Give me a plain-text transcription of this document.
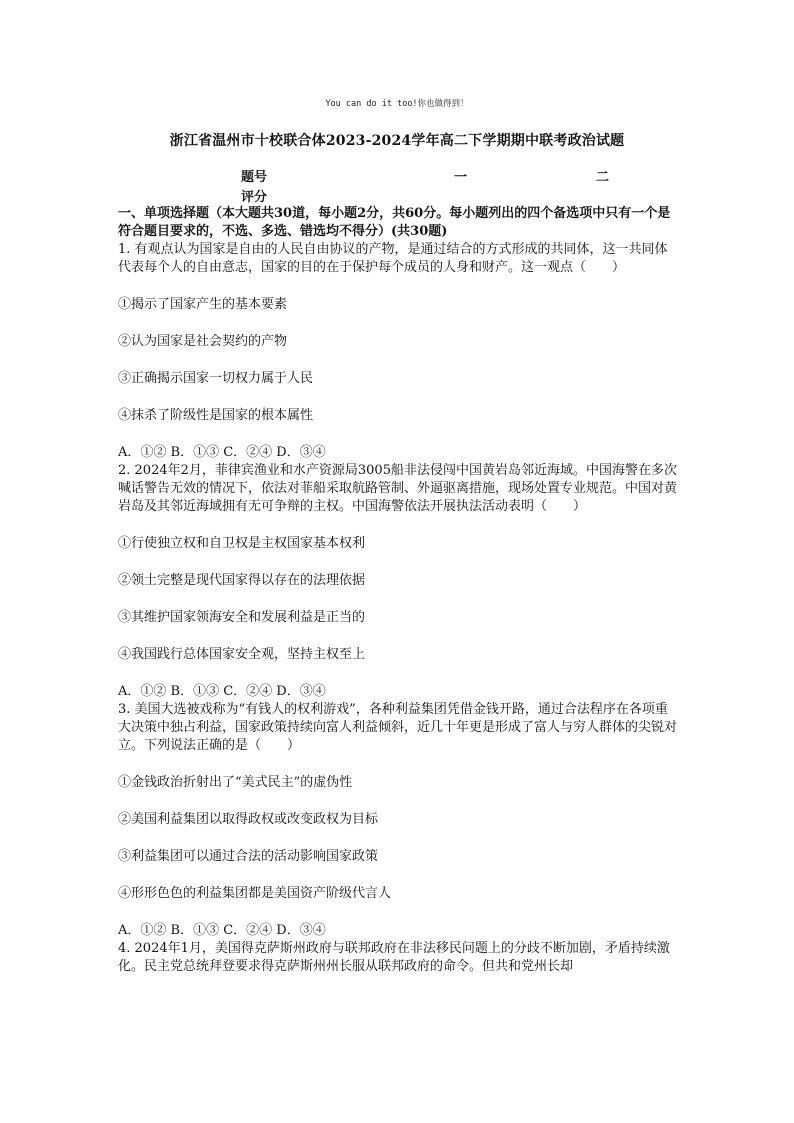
You can do it too!你也做得到！
浙江省温州市十校联合体2023-2024学年高二下学期期中联考政治试题
题号
评分
一	二

一、单项选择题（本大题共30道，每小题2分，共60分。每小题列出的四个备选项中只有一个是符合题目要求的，不选、多选、错选均不得分）(共30题)

1. 有观点认为国家是自由的人民自由协议的产物，是通过结合的方式形成的共同体，这一共同体代表每个人的自由意志，国家的目的在于保护每个成员的人身和财产。这一观点（　　）

①揭示了国家产生的基本要素

②认为国家是社会契约的产物

③正确揭示国家一切权力属于人民

④抹杀了阶级性是国家的根本属性

A．①② B．①③ C．②④ D．③④

2. 2024年2月，菲律宾渔业和水产资源局3005船非法侵闯中国黄岩岛邻近海域。中国海警在多次喊话警告无效的情况下，依法对菲船采取航路管制、外逼驱离措施，现场处置专业规范。中国对黄岩岛及其邻近海域拥有无可争辩的主权。中国海警依法开展执法活动表明（　　）

①行使独立权和自卫权是主权国家基本权利

②领土完整是现代国家得以存在的法理依据

③其维护国家领海安全和发展利益是正当的

④我国践行总体国家安全观，坚持主权至上

A．①② B．①③ C．②④ D．③④

3. 美国大选被戏称为“有钱人的权利游戏”，各种利益集团凭借金钱开路，通过合法程序在各项重大决策中独占利益，国家政策持续向富人利益倾斜，近几十年更是形成了富人与穷人群体的尖锐对立。下列说法正确的是（　　）

①金钱政治折射出了“美式民主”的虚伪性

②美国利益集团以取得政权或改变政权为目标

③利益集团可以通过合法的活动影响国家政策

④形形色色的利益集团都是美国资产阶级代言人

A．①② B．①③ C．②④ D．③④

4. 2024年1月，美国得克萨斯州政府与联邦政府在非法移民问题上的分歧不断加剧，矛盾持续激化。民主党总统拜登要求得克萨斯州州长服从联邦政府的命令。但共和党州长却
